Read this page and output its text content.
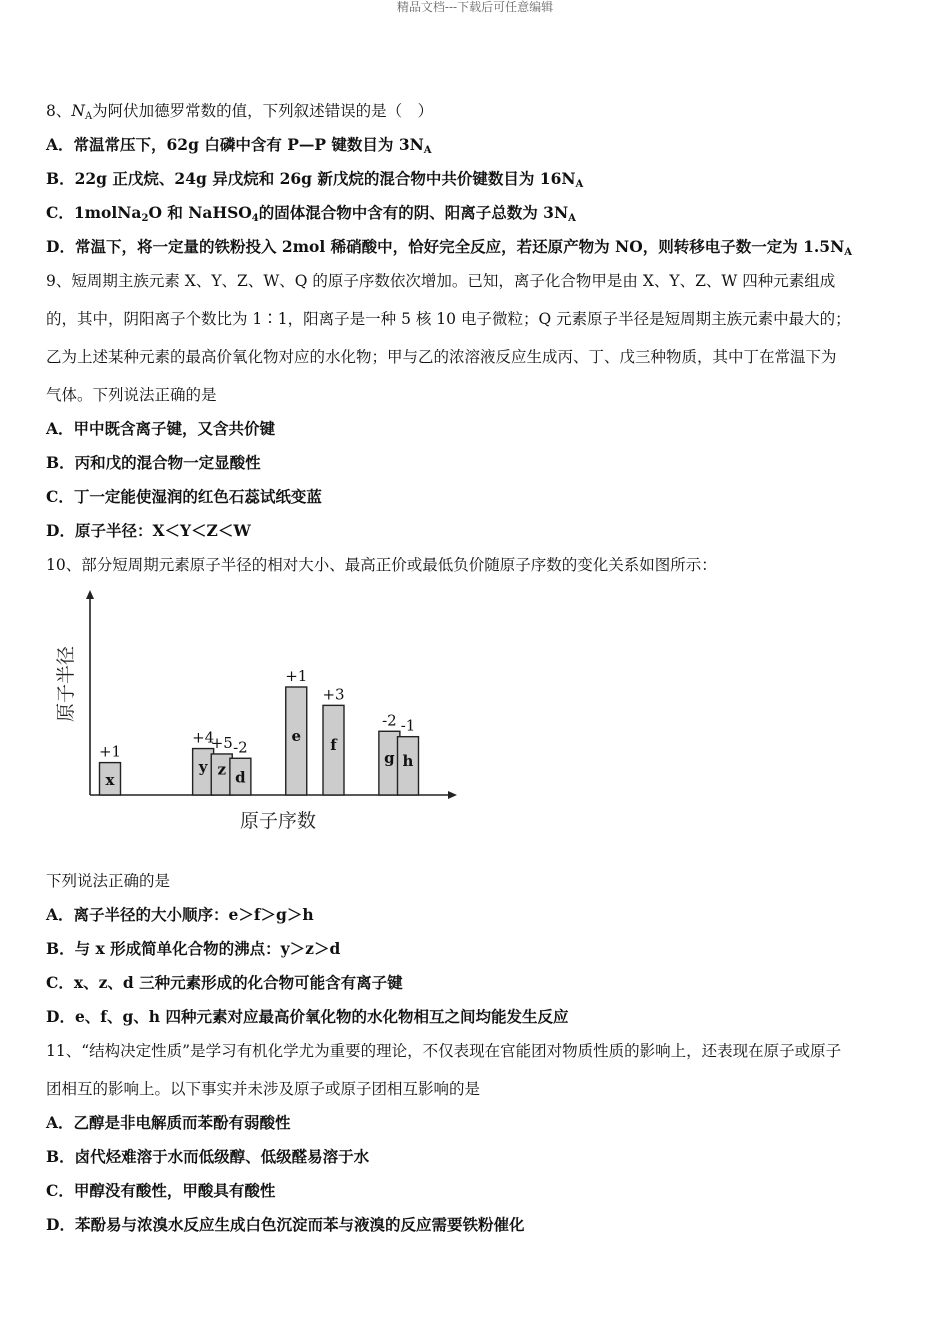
精品文档---下载后可任意编辑
8、$N_A$为阿伏加德罗常数的值，下列叙述错误的是（　）
A．常温常压下，62g 白磷中含有 P—P 键数目为 $3N_A$
B．22g 正戊烷、24g 异戊烷和 26g 新戊烷的混合物中共价键数目为 $16N_A$
C．1molNa$_2$O 和 NaHSO$_4$的固体混合物中含有的阴、阳离子总数为 $3N_A$
D．常温下，将一定量的铁粉投入 2mol 稀硝酸中，恰好完全反应，若还原产物为 NO，则转移电子数一定为 $1.5N_A$
9、短周期主族元素 X、Y、Z、W、Q 的原子序数依次增加。已知，离子化合物甲是由 X、Y、Z、W 四种元素组成
的，其中，阴阳离子个数比为 1∶1，阳离子是一种 5 核 10 电子微粒；Q 元素原子半径是短周期主族元素中最大的；
乙为上述某种元素的最高价氧化物对应的水化物；甲与乙的浓溶液反应生成丙、丁、戊三种物质，其中丁在常温下为
气体。下列说法正确的是
A．甲中既含离子键，又含共价键
B．丙和戊的混合物一定显酸性
C．丁一定能使湿润的红色石蕊试纸变蓝
D．原子半径：X＜Y＜Z＜W
10、部分短周期元素原子半径的相对大小、最高正价或最低负价随原子序数的变化关系如图所示：
原子半径
原子序数
x
+1
y
+4
z
+5
d
-2
e
+1
f
+3
g
-2
h
-1
下列说法正确的是
A．离子半径的大小顺序：e＞f＞g＞h
B．与 x 形成简单化合物的沸点：y＞z＞d
C．x、z、d 三种元素形成的化合物可能含有离子键
D．e、f、g、h 四种元素对应最高价氧化物的水化物相互之间均能发生反应
11、“结构决定性质”是学习有机化学尤为重要的理论，不仅表现在官能团对物质性质的影响上，还表现在原子或原子
团相互的影响上。以下事实并未涉及原子或原子团相互影响的是
A．乙醇是非电解质而苯酚有弱酸性
B．卤代烃难溶于水而低级醇、低级醛易溶于水
C．甲醇没有酸性，甲酸具有酸性
D．苯酚易与浓溴水反应生成白色沉淀而苯与液溴的反应需要铁粉催化
